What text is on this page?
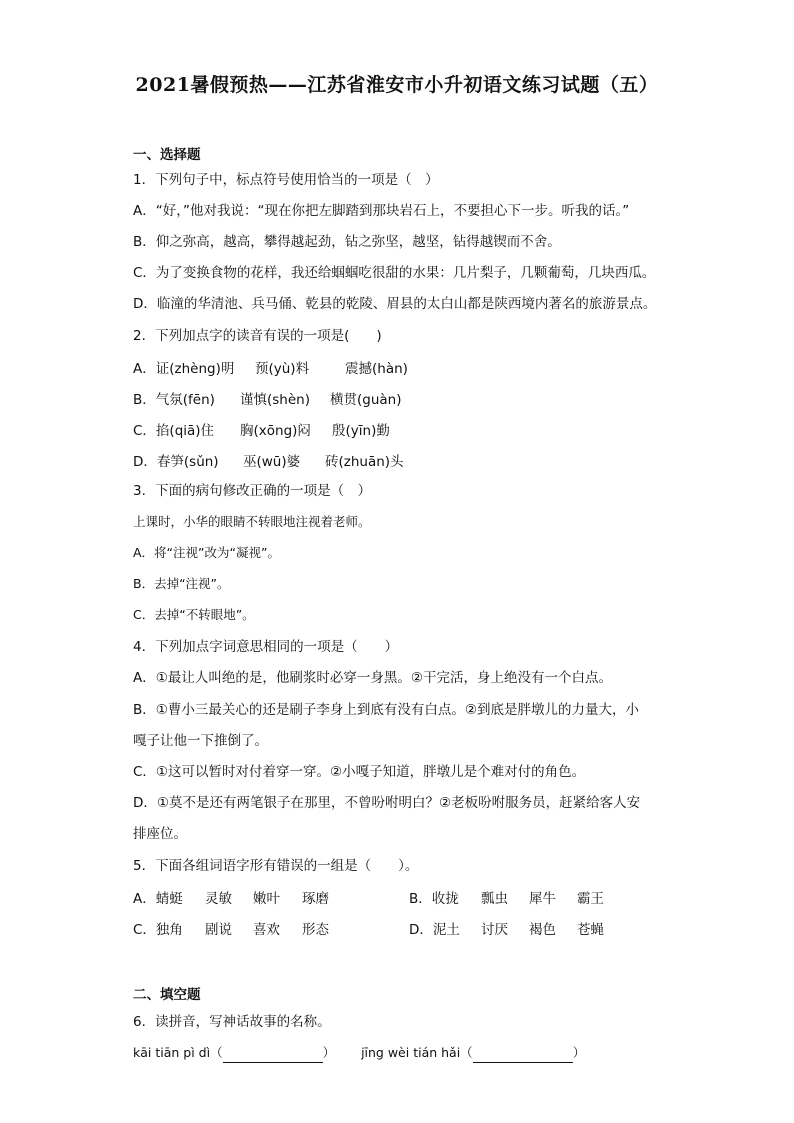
2021暑假预热——江苏省淮安市小升初语文练习试题（五）
一、选择题
1．下列句子中，标点符号使用恰当的一项是（　）
A．“好，”他对我说：“现在你把左脚踏到那块岩石上，不要担心下一步。听我的话。”
B．仰之弥高，越高，攀得越起劲，钻之弥坚，越坚，钻得越锲而不舍。
C．为了变换食物的花样，我还给蝈蝈吃很甜的水果：几片梨子，几颗葡萄，几块西瓜。
D．临潼的华清池、兵马俑、乾县的乾陵、眉县的太白山都是陕西境内著名的旅游景点。
2．下列加点字的读音有误的一项是(　　)
A．证(zhèng)明	预(yù)料	震撼(hàn)
B．气氛(fēn)	谨慎(shèn)	横贯(guàn)
C．掐(qiā)住	胸(xōng)闷	殷(yīn)勤
D．春笋(sǔn)	巫(wū)婆	砖(zhuān)头
3．下面的病句修改正确的一项是（　）
上课时，小华的眼睛不转眼地注视着老师。
A．将“注视”改为“凝视”。
B．去掉“注视”。
C．去掉“不转眼地”。
4．下列加点字词意思相同的一项是（　　）
A．①最让人叫绝的是，他刷浆时必穿一身黑。②干完活，身上绝没有一个白点。
B．①曹小三最关心的还是刷子李身上到底有没有白点。②到底是胖墩儿的力量大，小
嘎子让他一下推倒了。
C．①这可以暂时对付着穿一穿。②小嘎子知道，胖墩儿是个难对付的角色。
D．①莫不是还有两笔银子在那里，不曾吩咐明白？②老板吩咐服务员，赶紧给客人安
排座位。
5．下面各组词语字形有错误的一组是（　　）。
A．蜻蜓	灵敏	嫩叶	琢磨	B．收拢	瓢虫	犀牛	霸王
C．独角	剧说	喜欢	形态	D．泥土	讨厌	褐色	苍蝇
二、填空题
6．读拼音，写神话故事的名称。
kāi tiān pì dì（	） jīng wèi tián hǎi（	）
